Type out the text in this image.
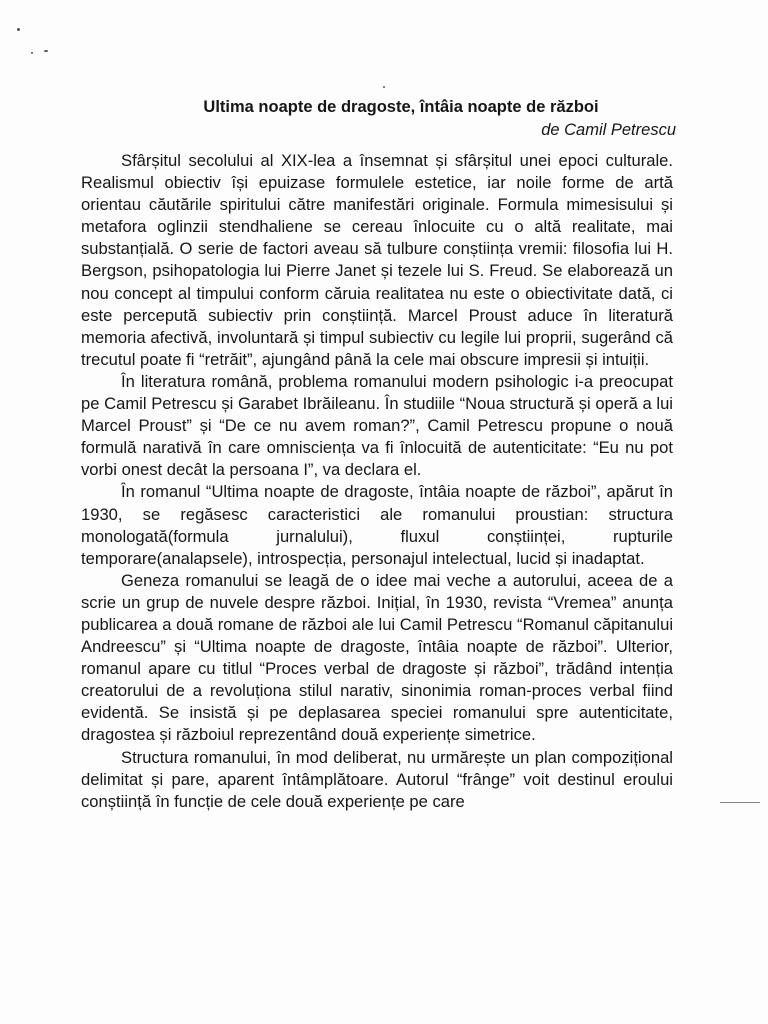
Ultima noapte de dragoste, întâia noapte de război
de Camil Petrescu

Sfârșitul secolului al XIX-lea a însemnat și sfârșitul unei epoci culturale. Realismul obiectiv își epuizase formulele estetice, iar noile forme de artă orientau căutările spiritului către manifestări originale. Formula mimesisului și metafora oglinzii stendhaliene se cereau înlocuite cu o altă realitate, mai substanțială. O serie de factori aveau să tulbure conștiința vremii: filosofia lui H. Bergson, psihopatologia lui Pierre Janet și tezele lui S. Freud. Se elaborează un nou concept al timpului conform căruia realitatea nu este o obiectivitate dată, ci este percepută subiectiv prin conștiință. Marcel Proust aduce în literatură memoria afectivă, involuntară și timpul subiectiv cu legile lui proprii, sugerând că trecutul poate fi “retrăit”, ajungând până la cele mai obscure impresii și intuiții.

În literatura română, problema romanului modern psihologic i-a preocupat pe Camil Petrescu și Garabet Ibrăileanu. În studiile “Noua structură și operă a lui Marcel Proust” și “De ce nu avem roman?”, Camil Petrescu propune o nouă formulă narativă în care omnisciența va fi înlocuită de autenticitate: “Eu nu pot vorbi onest decât la persoana I”, va declara el.

În romanul “Ultima noapte de dragoste, întâia noapte de război”, apărut în 1930, se regăsesc caracteristici ale romanului proustian: structura monologată(formula jurnalului), fluxul conștiinței, rupturile temporare(analapsele), introspecția, personajul intelectual, lucid și inadaptat.

Geneza romanului se leagă de o idee mai veche a autorului, aceea de a scrie un grup de nuvele despre război. Inițial, în 1930, revista “Vremea” anunța publicarea a două romane de război ale lui Camil Petrescu “Romanul căpitanului Andreescu” și “Ultima noapte de dragoste, întâia noapte de război”. Ulterior, romanul apare cu titlul “Proces verbal de dragoste și război”, trădând intenția creatorului de a revoluționa stilul narativ, sinonimia roman-proces verbal fiind evidentă. Se insistă și pe deplasarea speciei romanului spre autenticitate, dragostea și războiul reprezentând două experiențe simetrice.

Structura romanului, în mod deliberat, nu urmărește un plan compozițional delimitat și pare, aparent întâmplătoare. Autorul “frânge” voit destinul eroului conștiință în funcție de cele două experiențe pe care
